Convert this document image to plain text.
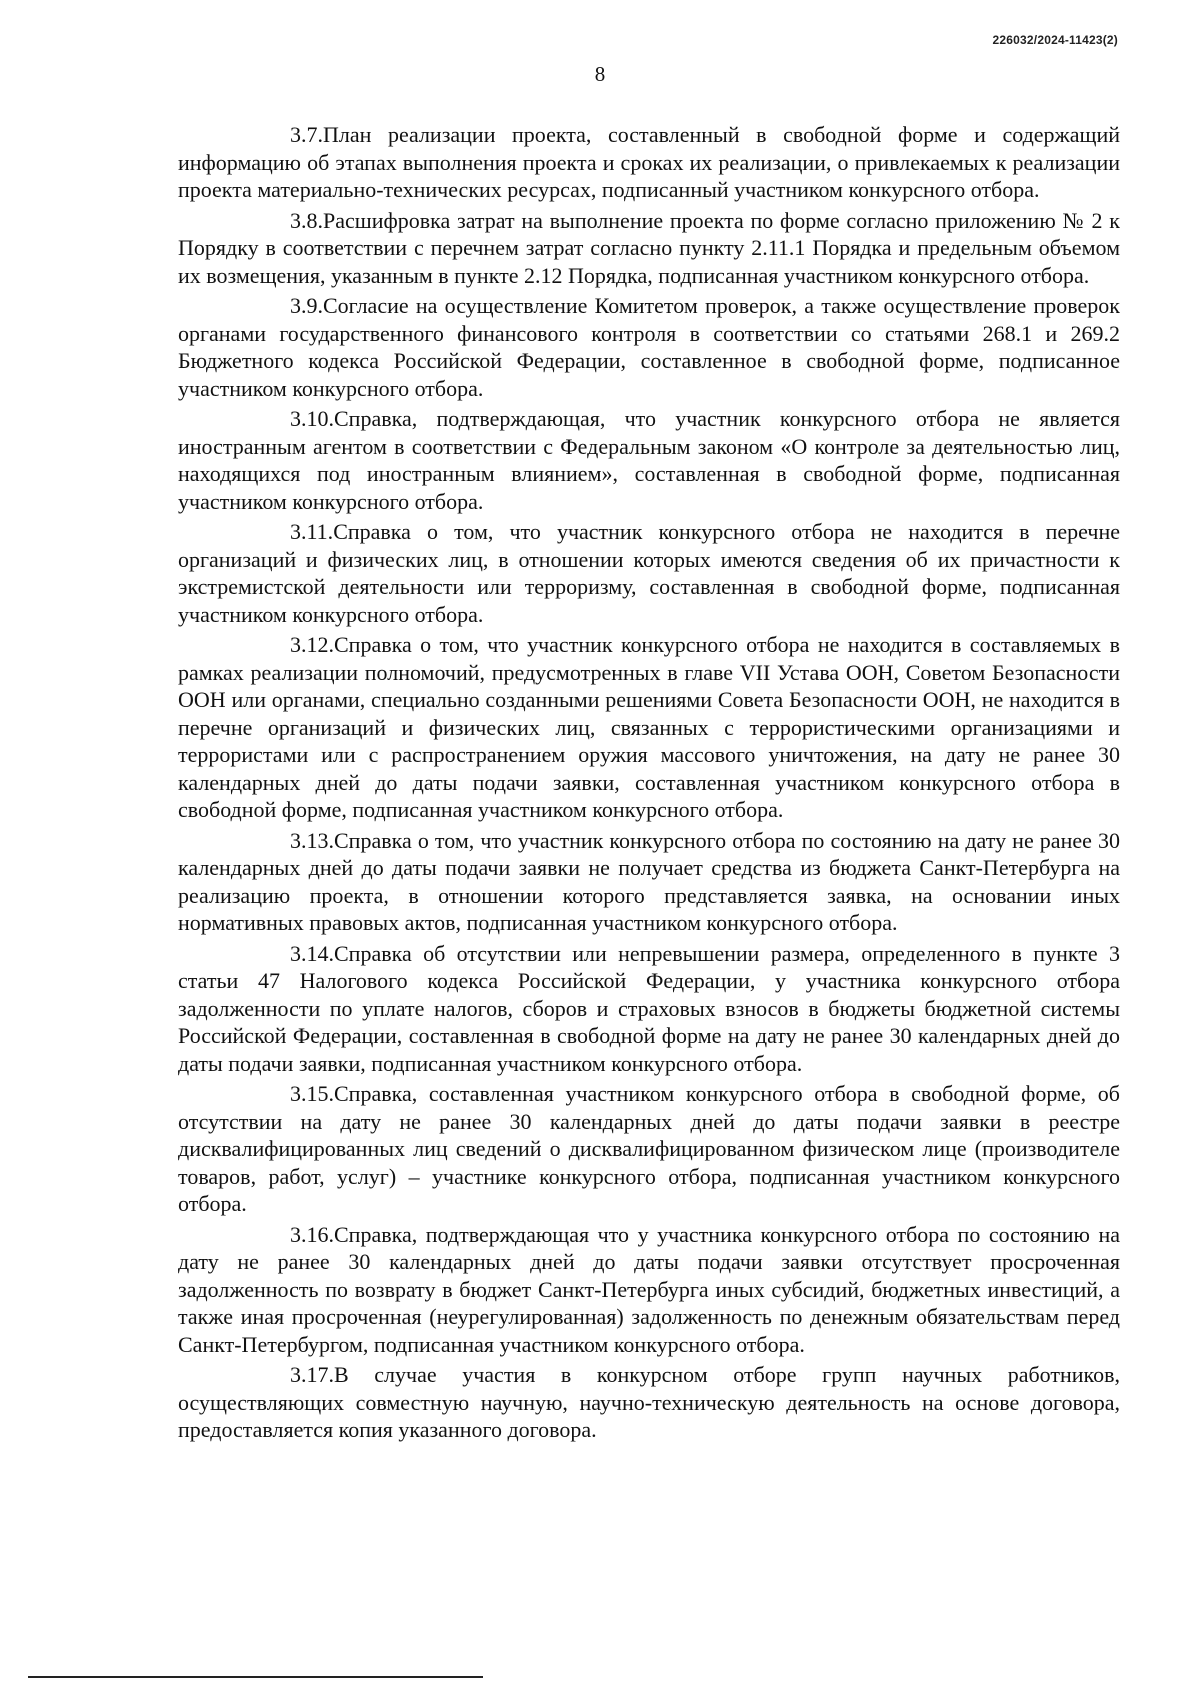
226032/2024-11423(2)
8

3.7.План реализации проекта, составленный в свободной форме и содержащий информацию об этапах выполнения проекта и сроках их реализации, о привлекаемых к реализации проекта материально-технических ресурсах, подписанный участником конкурсного отбора.

3.8.Расшифровка затрат на выполнение проекта по форме согласно приложению № 2 к Порядку в соответствии с перечнем затрат согласно пункту 2.11.1 Порядка и предельным объемом их возмещения, указанным в пункте 2.12 Порядка, подписанная участником конкурсного отбора.

3.9.Согласие на осуществление Комитетом проверок, а также осуществление проверок органами государственного финансового контроля в соответствии со статьями 268.1 и 269.2 Бюджетного кодекса Российской Федерации, составленное в свободной форме, подписанное участником конкурсного отбора.

3.10.Справка, подтверждающая, что участник конкурсного отбора не является иностранным агентом в соответствии с Федеральным законом «О контроле за деятельностью лиц, находящихся под иностранным влиянием», составленная в свободной форме, подписанная участником конкурсного отбора.

3.11.Справка о том, что участник конкурсного отбора не находится в перечне организаций и физических лиц, в отношении которых имеются сведения об их причастности к экстремистской деятельности или терроризму, составленная в свободной форме, подписанная участником конкурсного отбора.

3.12.Справка о том, что участник конкурсного отбора не находится в составляемых в рамках реализации полномочий, предусмотренных в главе VII Устава ООН, Советом Безопасности ООН или органами, специально созданными решениями Совета Безопасности ООН, не находится в перечне организаций и физических лиц, связанных с террористическими организациями и террористами или с распространением оружия массового уничтожения, на дату не ранее 30 календарных дней до даты подачи заявки, составленная участником конкурсного отбора в свободной форме, подписанная участником конкурсного отбора.

3.13.Справка о том, что участник конкурсного отбора по состоянию на дату не ранее 30 календарных дней до даты подачи заявки не получает средства из бюджета Санкт-Петербурга на реализацию проекта, в отношении которого представляется заявка, на основании иных нормативных правовых актов, подписанная участником конкурсного отбора.

3.14.Справка об отсутствии или непревышении размера, определенного в пункте 3 статьи 47 Налогового кодекса Российской Федерации, у участника конкурсного отбора задолженности по уплате налогов, сборов и страховых взносов в бюджеты бюджетной системы Российской Федерации, составленная в свободной форме на дату не ранее 30 календарных дней до даты подачи заявки, подписанная участником конкурсного отбора.

3.15.Справка, составленная участником конкурсного отбора в свободной форме, об отсутствии на дату не ранее 30 календарных дней до даты подачи заявки в реестре дисквалифицированных лиц сведений о дисквалифицированном физическом лице (производителе товаров, работ, услуг) – участнике конкурсного отбора, подписанная участником конкурсного отбора.

3.16.Справка, подтверждающая что у участника конкурсного отбора по состоянию на дату не ранее 30 календарных дней до даты подачи заявки отсутствует просроченная задолженность по возврату в бюджет Санкт-Петербурга иных субсидий, бюджетных инвестиций, а также иная просроченная (неурегулированная) задолженность по денежным обязательствам перед Санкт-Петербургом, подписанная участником конкурсного отбора.

3.17.В случае участия в конкурсном отборе групп научных работников, осуществляющих совместную научную, научно-техническую деятельность на основе договора, предоставляется копия указанного договора.
